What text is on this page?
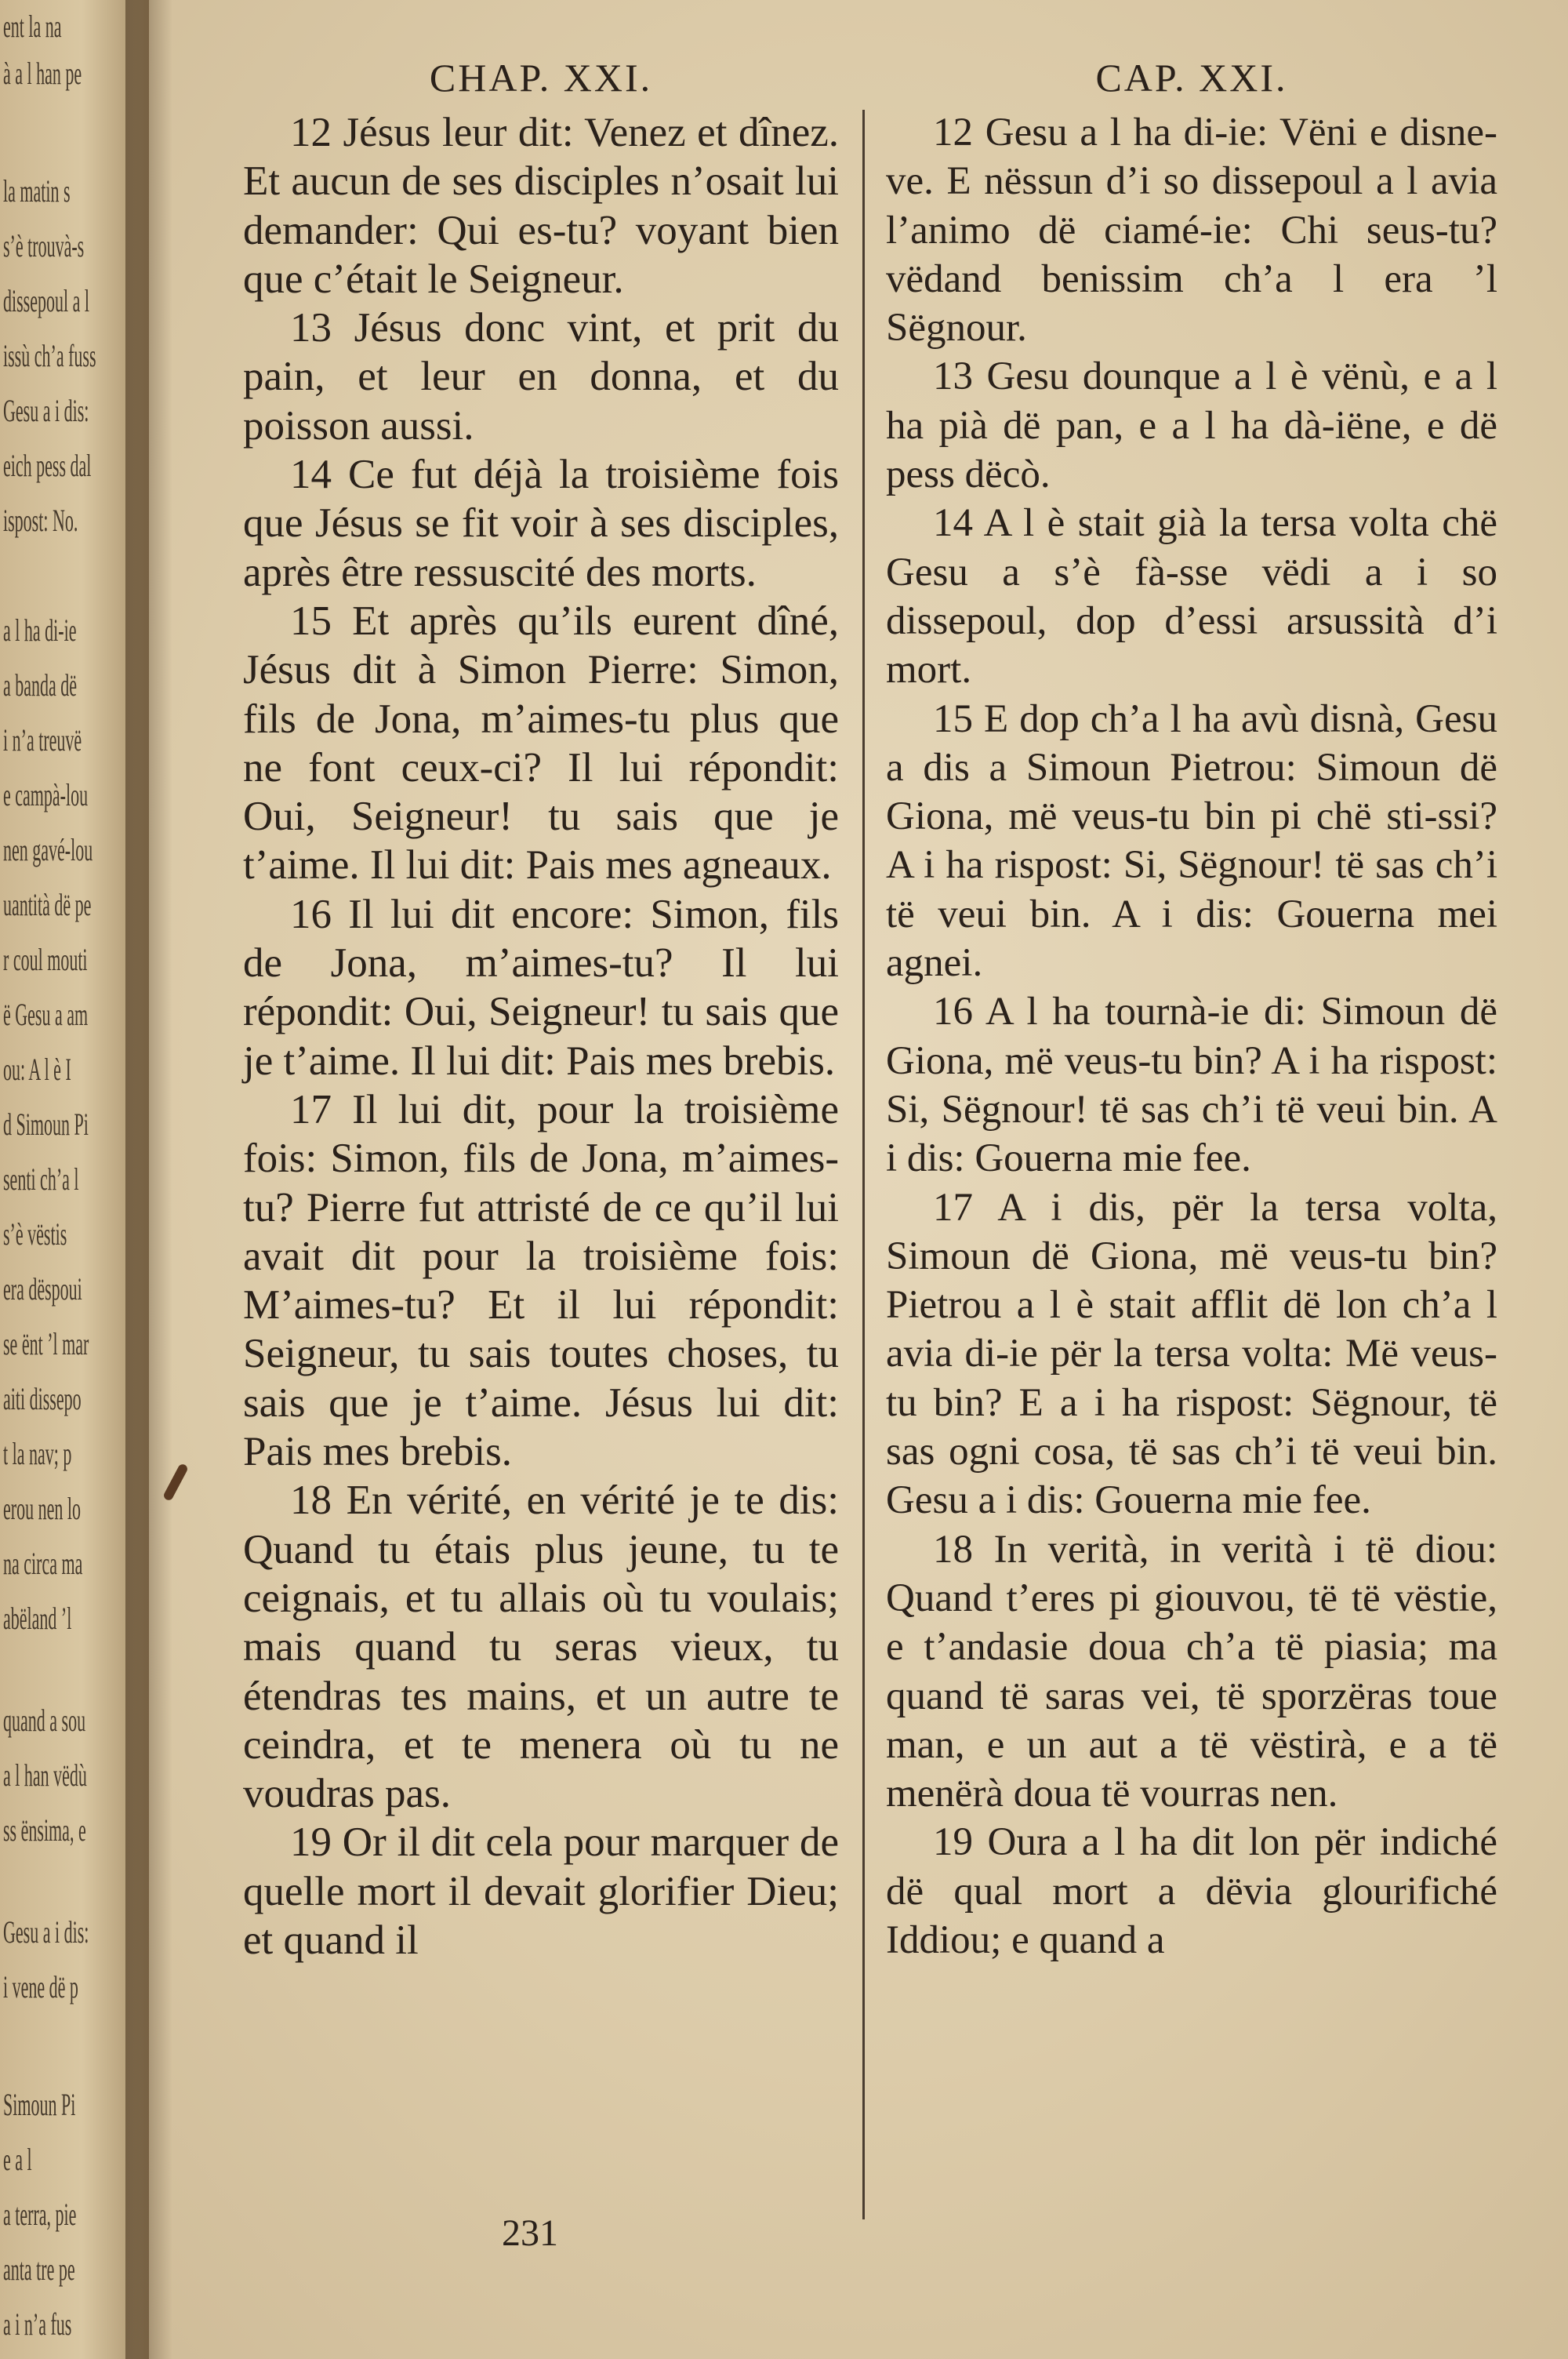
ent la na
à a l han pe
la matin s
s’è trouvà-s
dissepoul a l
issù ch’a fuss
Gesu a i dis:
eich pess dal
ispost: No.
a l ha di-ie
a banda dë
i n’a treuvë
e campà-lou
nen gavé-lou
uantità dë pe
r coul mouti
ë Gesu a am
ou: A l è I
d Simoun Pi
senti ch’a l
s’è vëstis
era dëspoui
se ënt ’l mar
aiti dissepo
t la nav; p
erou nen lo
na circa ma
abëland ’l
quand a sou
a l han vëdù
ss ënsima, e
Gesu a i dis:
i vene dë p
Simoun Pi
e a l
a terra, pie
anta tre pe
a i n’a fus
CHAP. XXI.

12 Jésus leur dit: Venez et dînez. Et aucun de ses disciples n’osait lui demander: Qui es-tu? voyant bien que c’était le Seigneur.

13 Jésus donc vint, et prit du pain, et leur en donna, et du poisson aussi.

14 Ce fut déjà la troisième fois que Jésus se fit voir à ses disciples, après être ressuscité des morts.

15 Et après qu’ils eurent dîné, Jésus dit à Simon Pierre: Simon, fils de Jona, m’aimes-tu plus que ne font ceux-ci? Il lui répondit: Oui, Seigneur! tu sais que je t’aime. Il lui dit: Pais mes agneaux.

16 Il lui dit encore: Simon, fils de Jona, m’aimes-tu? Il lui répondit: Oui, Seigneur! tu sais que je t’aime. Il lui dit: Pais mes brebis.

17 Il lui dit, pour la troisième fois: Simon, fils de Jona, m’aimes-tu? Pierre fut attristé de ce qu’il lui avait dit pour la troisième fois: M’aimes-tu? Et il lui répondit: Seigneur, tu sais toutes choses, tu sais que je t’aime. Jésus lui dit: Pais mes brebis.

18 En vérité, en vérité je te dis: Quand tu étais plus jeune, tu te ceignais, et tu allais où tu voulais; mais quand tu seras vieux, tu étendras tes mains, et un autre te ceindra, et te menera où tu ne voudras pas.

19 Or il dit cela pour marquer de quelle mort il devait glorifier Dieu; et quand il

CAP. XXI.

12 Gesu a l ha di-ie: Vëni e disne-ve. E nëssun d’i so dissepoul a l avia l’animo dë ciamé-ie: Chi seus-tu? vëdand benissim ch’a l era ’l Sëgnour.

13 Gesu dounque a l è vënù, e a l ha pià dë pan, e a l ha dà-iëne, e dë pess dëcò.

14 A l è stait già la tersa volta chë Gesu a s’è fà-sse vëdi a i so dissepoul, dop d’essi arsussità d’i mort.

15 E dop ch’a l ha avù disnà, Gesu a dis a Simoun Pietrou: Simoun dë Giona, më veus-tu bin pi chë sti-ssi? A i ha rispost: Si, Sëgnour! të sas ch’i të veui bin. A i dis: Gouerna mei agnei.

16 A l ha tournà-ie di: Simoun dë Giona, më veus-tu bin? A i ha rispost: Si, Sëgnour! të sas ch’i të veui bin. A i dis: Gouerna mie fee.

17 A i dis, për la tersa volta, Simoun dë Giona, më veus-tu bin? Pietrou a l è stait afflit dë lon ch’a l avia di-ie për la tersa volta: Më veus-tu bin? E a i ha rispost: Sëgnour, të sas ogni cosa, të sas ch’i të veui bin. Gesu a i dis: Gouerna mie fee.

18 In verità, in verità i të diou: Quand t’eres pi giouvou, të të vëstie, e t’andasie doua ch’a të piasia; ma quand të saras vei, të sporzëras toue man, e un aut a të vëstirà, e a të menërà doua të vourras nen.

19 Oura a l ha dit lon për indiché dë qual mort a dëvia glourifiché Iddiou; e quand a

231
